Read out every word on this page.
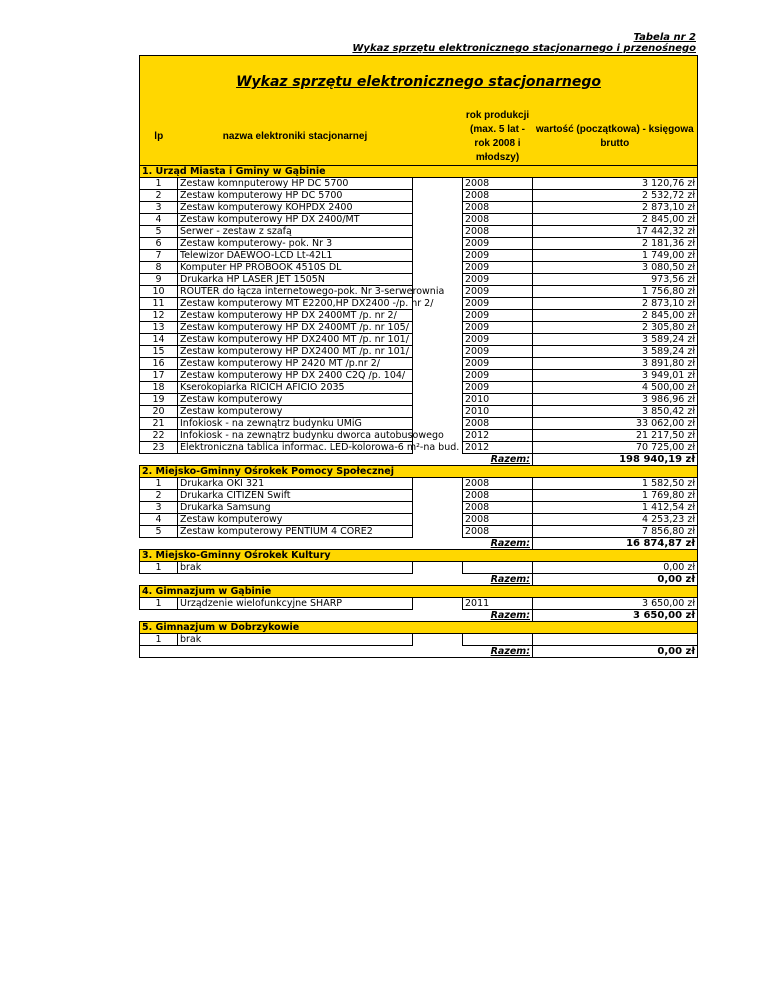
Tabela nr 2
Wykaz sprzętu elektronicznego stacjonarnego i przenośnego
Wykaz sprzętu elektronicznego stacjonarnego				
lp	nazwa elektroniki stacjonarnej		rok produkcji (max. 5 lat - rok 2008 i młodszy)	wartość (początkowa) - księgowa brutto
1. Urząd Miasta i Gminy w Gąbinie				
1	Zestaw komnputerowy HP DC 5700		2008	3 120,76 zł
2	Zestaw komputerowy HP DC 5700		2008	2 532,72 zł
3	Zestaw komputerowy KOHPDX 2400		2008	2 873,10 zł
4	Zestaw komputerowy HP DX 2400/MT		2008	2 845,00 zł
5	Serwer - zestaw z szafą		2008	17 442,32 zł
6	Zestaw komputerowy- pok. Nr 3		2009	2 181,36 zł
7	Telewizor DAEWOO-LCD Lt-42L1		2009	1 749,00 zł
8	Komputer HP PROBOOK 4510S DL		2009	3 080,50 zł
9	Drukarka HP LASER JET 1505N		2009	973,56 zł
10	ROUTER do łącza internetowego-pok. Nr 3-serwerownia		2009	1 756,80 zł
11	Zestaw komputerowy MT E2200,HP DX2400 -/p. nr 2/		2009	2 873,10 zł
12	Zestaw komputerowy HP DX 2400MT /p. nr 2/		2009	2 845,00 zł
13	Zestaw komputerowy HP DX 2400MT /p. nr 105/		2009	2 305,80 zł
14	Zestaw komputerowy HP DX2400 MT /p. nr 101/		2009	3 589,24 zł
15	Zestaw komputerowy HP DX2400 MT /p. nr 101/		2009	3 589,24 zł
16	Zestaw komputerowy HP 2420 MT /p.nr 2/		2009	3 891,80 zł
17	Zestaw komputerowy HP DX 2400 C2Q /p. 104/		2009	3 949,01 zł
18	Kserokopiarka RICICH AFICIO 2035		2009	4 500,00 zł
19	Zestaw komputerowy		2010	3 986,96 zł
20	Zestaw komputerowy		2010	3 850,42 zł
21	Infokiosk - na zewnątrz budynku UMiG		2008	33 062,00 zł
22	Infokiosk - na zewnątrz budynku dworca autobusowego		2012	21 217,50 zł
23	Elektroniczna tablica informac. LED-kolorowa-6 m²-na bud.		2012	70 725,00 zł
			Razem:	198 940,19 zł
2. Miejsko-Gminny Ośrokek Pomocy Społecznej				
1	Drukarka OKI 321		2008	1 582,50 zł
2	Drukarka CITIZEN Swift		2008	1 769,80 zł
3	Drukarka Samsung		2008	1 412,54 zł
4	Zestaw komputerowy		2008	4 253,23 zł
5	Zestaw komputerowy PENTIUM 4 CORE2		2008	7 856,80 zł
			Razem:	16 874,87 zł
3. Miejsko-Gminny Ośrokek Kultury				
1	brak			0,00 zł
			Razem:	0,00 zł
4. Gimnazjum w Gąbinie				
1	Urządzenie wielofunkcyjne SHARP		2011	3 650,00 zł
			Razem:	3 650,00 zł
5. Gimnazjum w Dobrzykowie				
1	brak			
			Razem:	0,00 zł
